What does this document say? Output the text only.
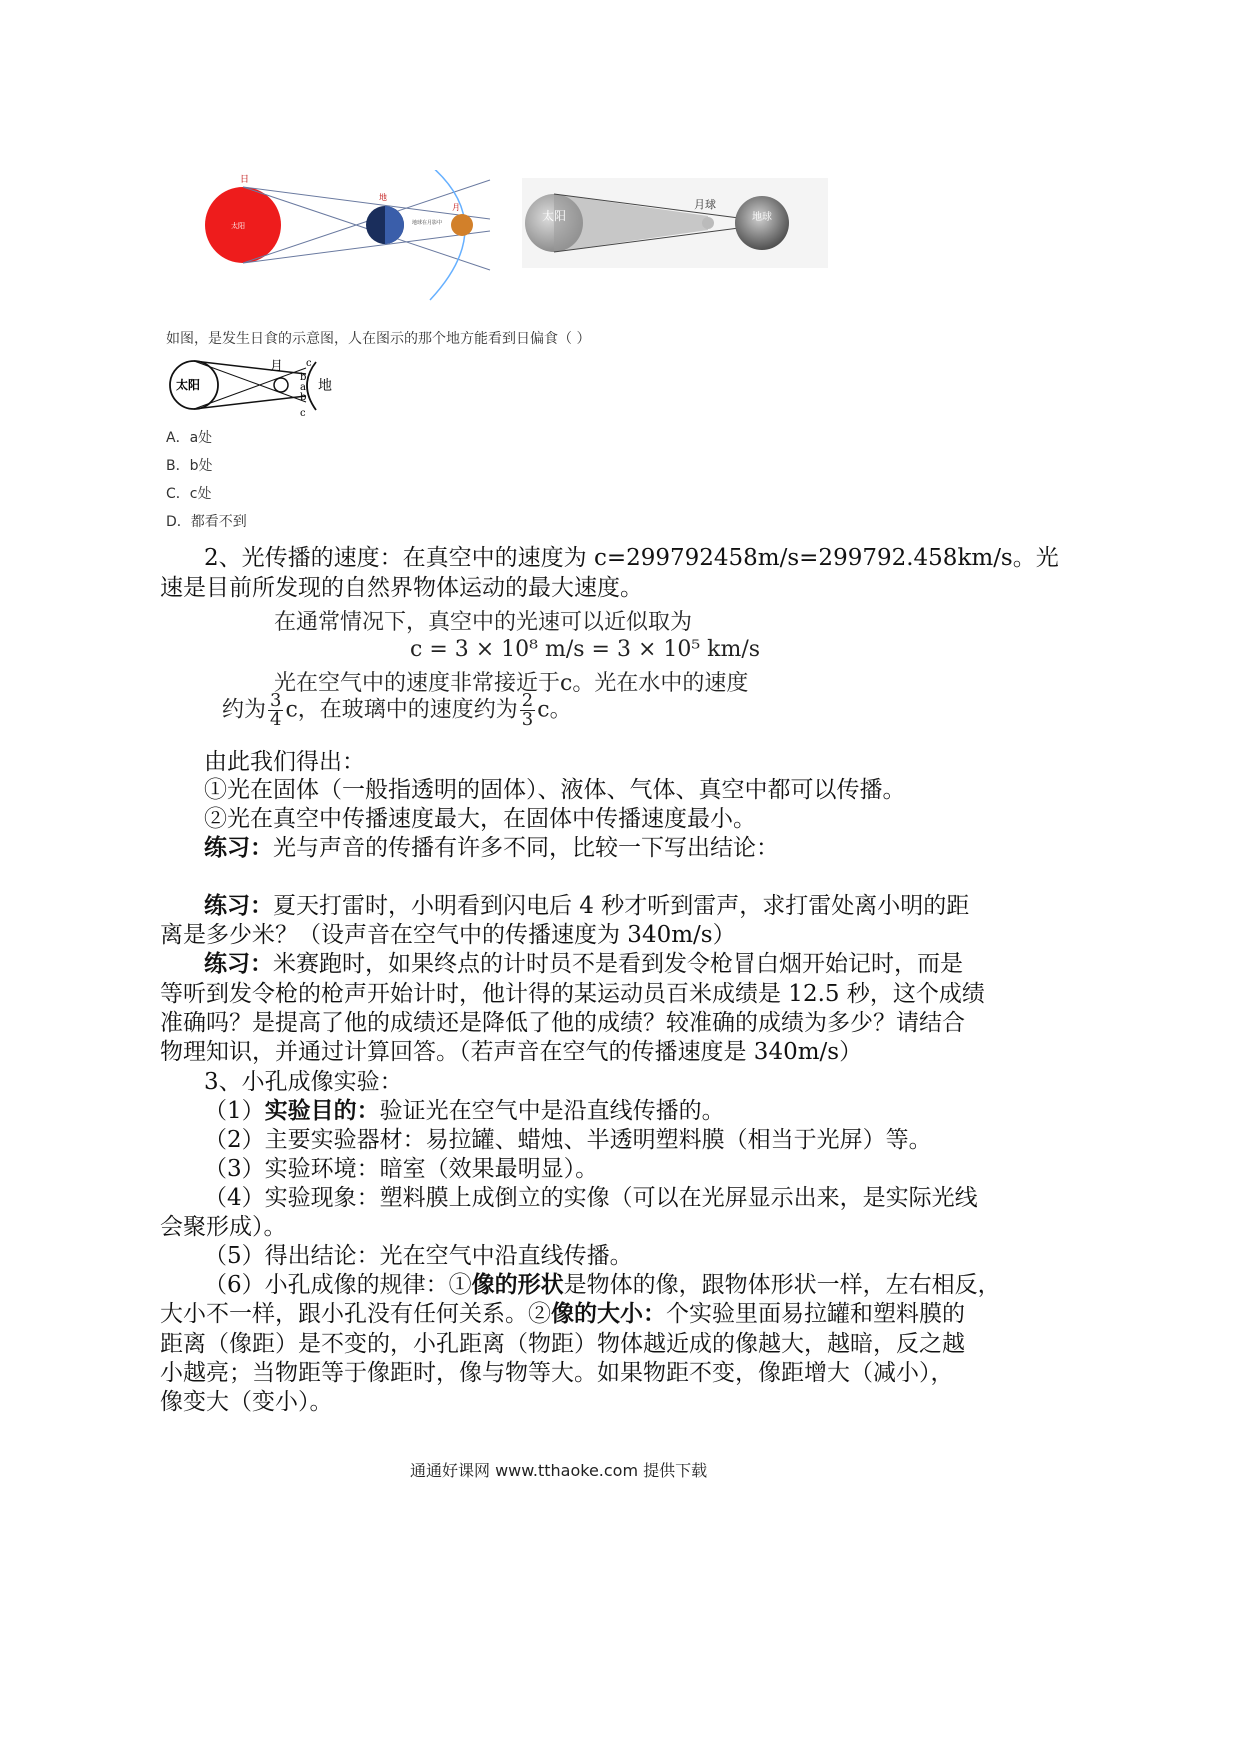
日
太阳
地
月
地球在月影中	太阳
月球
地球
如图，是发生日食的示意图，人在图示的那个地方能看到日偏食（ ）
太阳
月
地
c
b
a
b
c
A．a处
B．b处
C．c处
D．都看不到
2、光传播的速度：在真空中的速度为 c=299792458m/s=299792.458km/s。光
速是目前所发现的自然界物体运动的最大速度。
在通常情况下，真空中的光速可以近似取为
c = 3 × 10⁸ m/s = 3 × 10⁵ km/s
光在空气中的速度非常接近于c。光在水中的速度
约为 $\frac{3}{4}$ c，在玻璃中的速度约为 $\frac{2}{3}$ c。
由此我们得出：
①光在固体（一般指透明的固体）、液体、气体、真空中都可以传播。
②光在真空中传播速度最大，在固体中传播速度最小。
练习：光与声音的传播有许多不同，比较一下写出结论：
练习：夏天打雷时，小明看到闪电后 4 秒才听到雷声，求打雷处离小明的距
离是多少米？（设声音在空气中的传播速度为 340m/s）
练习：米赛跑时，如果终点的计时员不是看到发令枪冒白烟开始记时，而是
等听到发令枪的枪声开始计时，他计得的某运动员百米成绩是 12.5 秒，这个成绩
准确吗？是提高了他的成绩还是降低了他的成绩？较准确的成绩为多少？请结合
物理知识，并通过计算回答。（若声音在空气的传播速度是 340m/s）
3、小孔成像实验：
（1）实验目的：验证光在空气中是沿直线传播的。
（2）主要实验器材：易拉罐、蜡烛、半透明塑料膜（相当于光屏）等。
（3）实验环境：暗室（效果最明显）。
（4）实验现象：塑料膜上成倒立的实像（可以在光屏显示出来，是实际光线
会聚形成）。
（5）得出结论：光在空气中沿直线传播。
（6）小孔成像的规律：①像的形状是物体的像，跟物体形状一样，左右相反，
大小不一样，跟小孔没有任何关系。②像的大小：个实验里面易拉罐和塑料膜的
距离（像距）是不变的，小孔距离（物距）物体越近成的像越大，越暗，反之越
小越亮；当物距等于像距时，像与物等大。如果物距不变，像距增大（减小），
像变大（变小）。
通通好课网 www.tthaoke.com 提供下载
